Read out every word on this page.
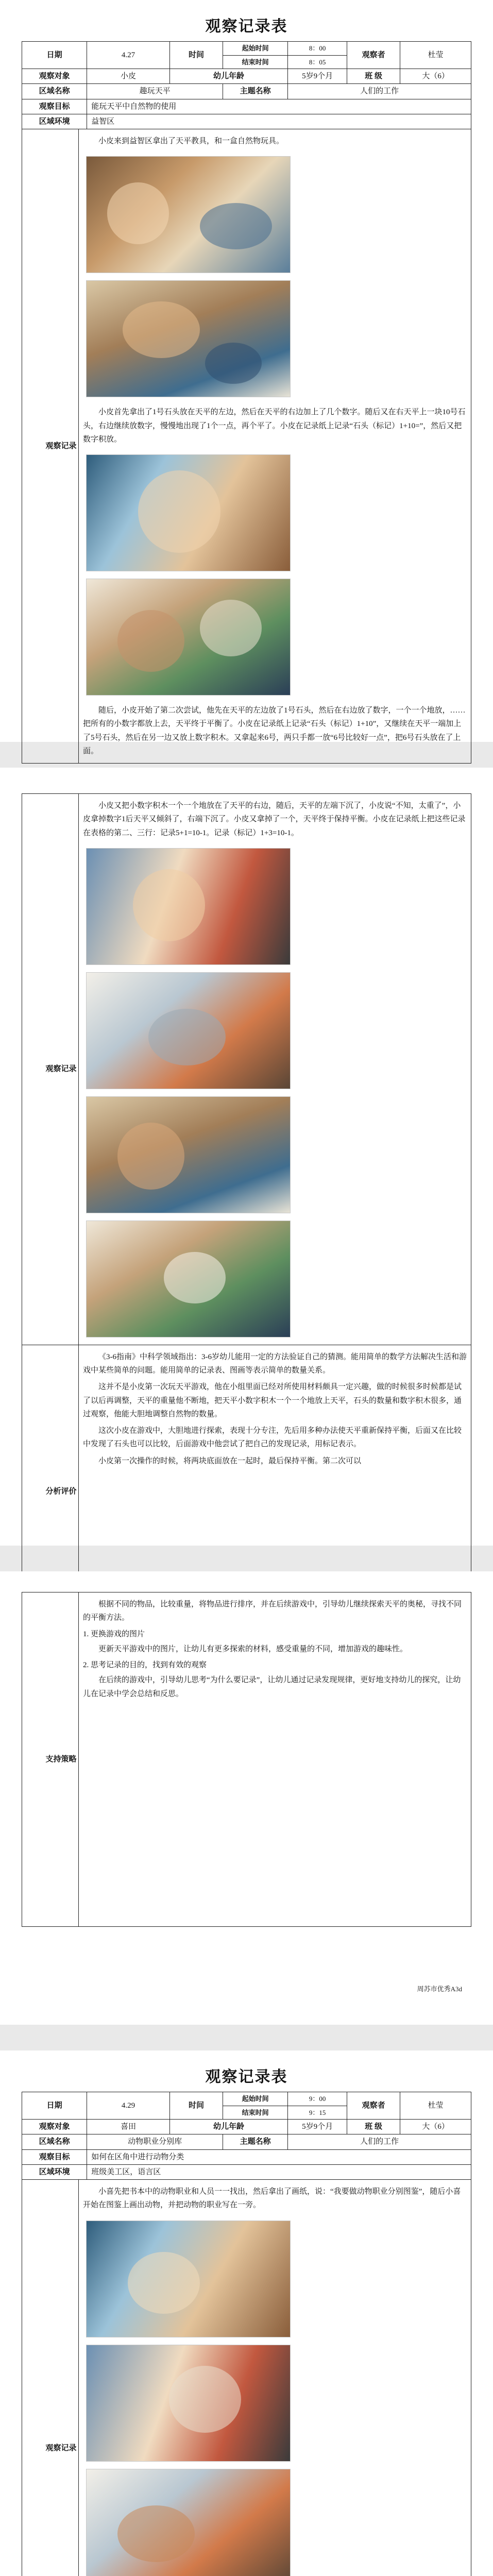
观察记录表
日期	4.27	时间	起始时间	8：00	观察者	杜莹
			结束时间	8：05		
观察对象	小皮	幼儿年龄		5岁9个月	班 级	大（6）
区域名称	趣玩天平		主题名称	人们的工作		
观察目标	能玩天平中自然物的使用					
区域环境	益智区					
观察记录	

小皮来到益智区拿出了天平教具，和一盒自然物玩具。

小皮首先拿出了1号石头放在天平的左边，然后在天平的右边加上了几个数字。随后又在右天平上一块10号石头，右边继续放数字，慢慢地出现了1个一点，再个平了。小皮在记录纸上记录“石头（标记）1+10=”，然后又把数字积放。

随后，小皮开始了第二次尝试，他先在天平的左边放了1号石头，然后在右边放了数字，一个一个地放，……把所有的小数字都放上去，天平终于平衡了。小皮在记录纸上记录“石头（标记）1+10”，又继续在天平一端加上了5号石头，然后在另一边又放上数字积木。又拿起来6号，两只手都一放“6号比较好一点”，把6号石头放在了上面。

观察记录	小皮又把小数字积木一个一个地放在了天平的右边，随后，天平的左端下沉了，小皮说“不知，太重了”，小皮拿掉数字1后天平又倾斜了，右端下沉了。小皮又拿掉了一个，天平终于保持平衡。小皮在记录纸上把这些记录在表格的第二、三行：记录5+1=10-1。记录（标记）1+3=10-1。

分析评价	《3-6指南》中科学领域指出：3-6岁幼儿能用一定的方法验证自己的猜测。能用简单的数学方法解决生活和游戏中某些简单的问题。能用简单的记录表、图画等表示简单的数量关系。

这并不是小皮第一次玩天平游戏，他在小组里面已经对所使用材料颇具一定兴趣，做的时候很多时候都是试了以后再调整，天平的重量他不断地，把天平小数字积木一个一个地放上天平，石头的数量和数字积木很多，通过观察，他能大胆地调整自然物的数量。

这次小皮在游戏中，大胆地进行探索，表现十分专注，先后用多种办法使天平重新保持平衡，后面又在比较中发现了石头也可以比较，后面游戏中他尝试了把自己的发现记录，用标记表示。

小皮第一次操作的时候，将两块底面放在一起时，最后保持平衡。第二次可以

支持策略	

根据不同的物品，比较重量，将物品进行排序，并在后续游戏中，引导幼儿继续探索天平的奥秘，寻找不同的平衡方法。

1. 更换游戏的图片

更新天平游戏中的图片，让幼儿有更多探索的材料，感受重量的不同，增加游戏的趣味性。

2. 思考记录的目的，找到有效的观察

在后续的游戏中，引导幼儿思考“为什么要记录”，让幼儿通过记录发现规律，更好地支持幼儿的探究，让幼儿在记录中学会总结和反思。

周苏市优秀A3d
观察记录表
日期	4.29	时间	起始时间	9：00	观察者	杜莹
			结束时间	9：15		
观察对象	喜田	幼儿年龄		5岁9个月	班 级	大（6）
区域名称	动物职业分别库		主题名称	人们的工作		
观察目标	如何在区角中进行动物分类					
区域环境	班级美工区，语言区					
观察记录	

小喜先把书本中的动物职业和人员一一找出，然后拿出了画纸，说：“我要做动物职业分别图鉴”，随后小喜开始在图鉴上画出动物，并把动物的职业写在一旁。
